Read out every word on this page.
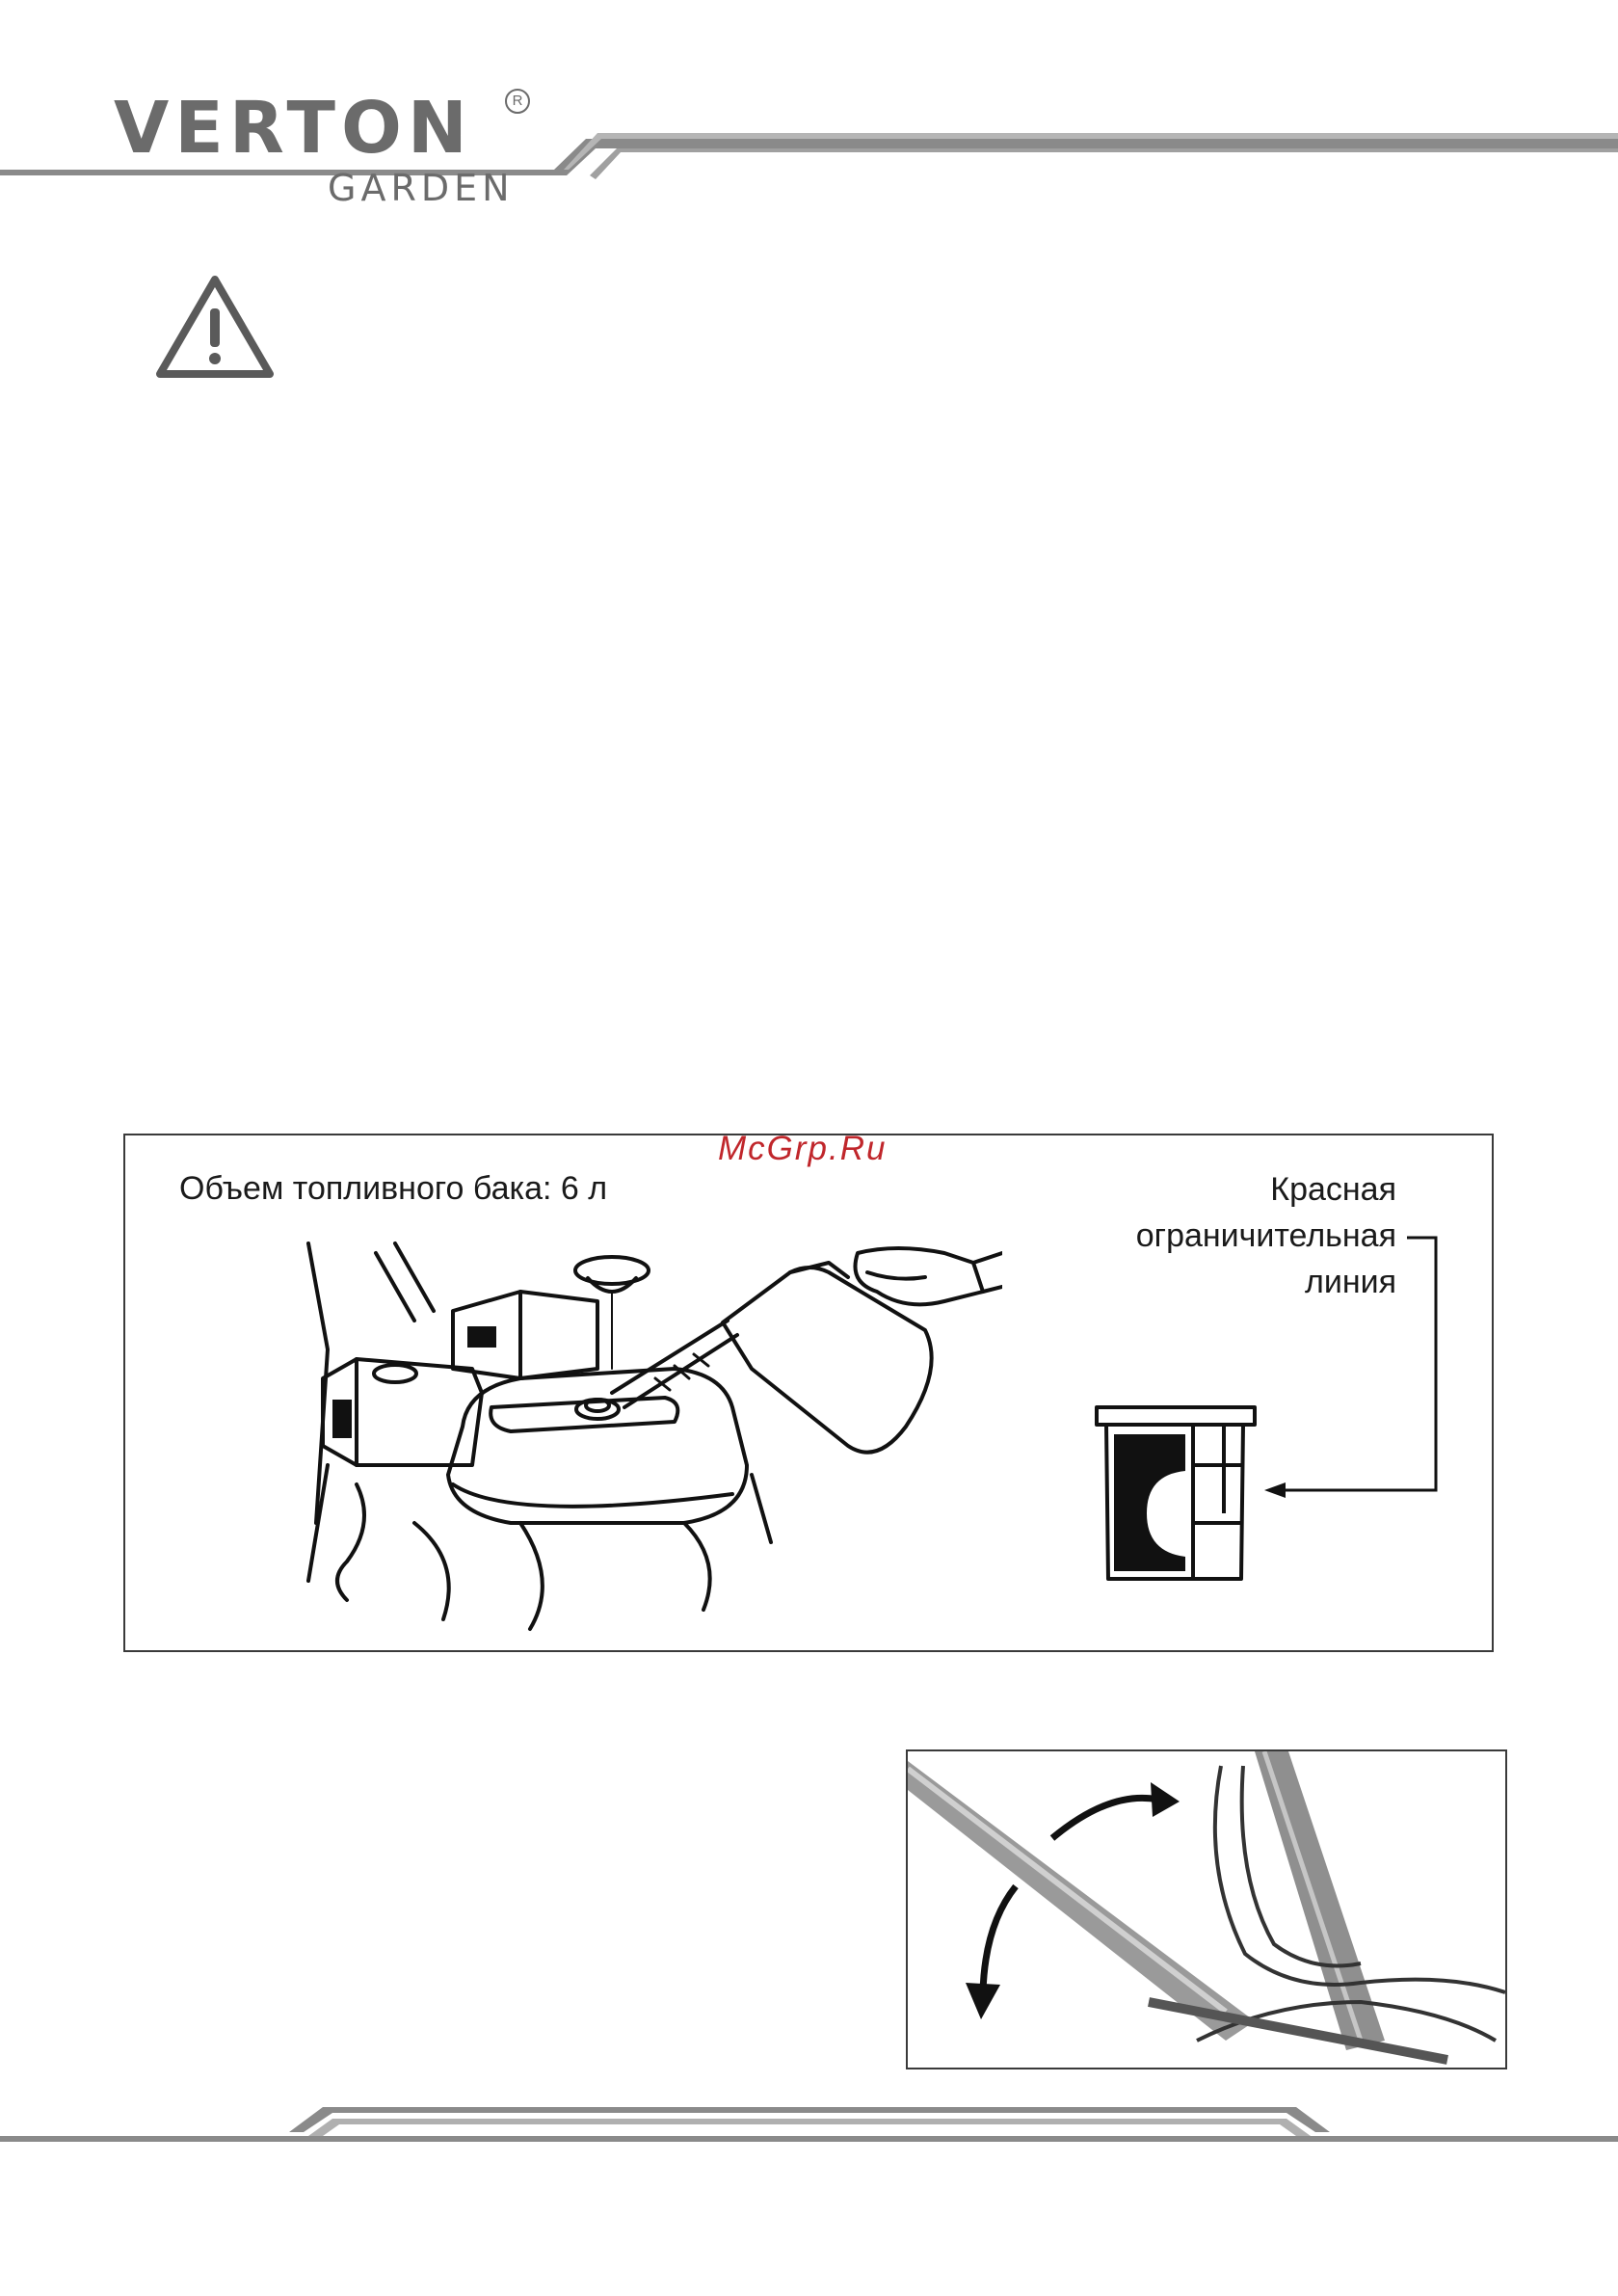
VERTON	R
GARDEN
Объем топливного бака: 6 л	Красная
ограничительная
линия
McGrp.Ru
